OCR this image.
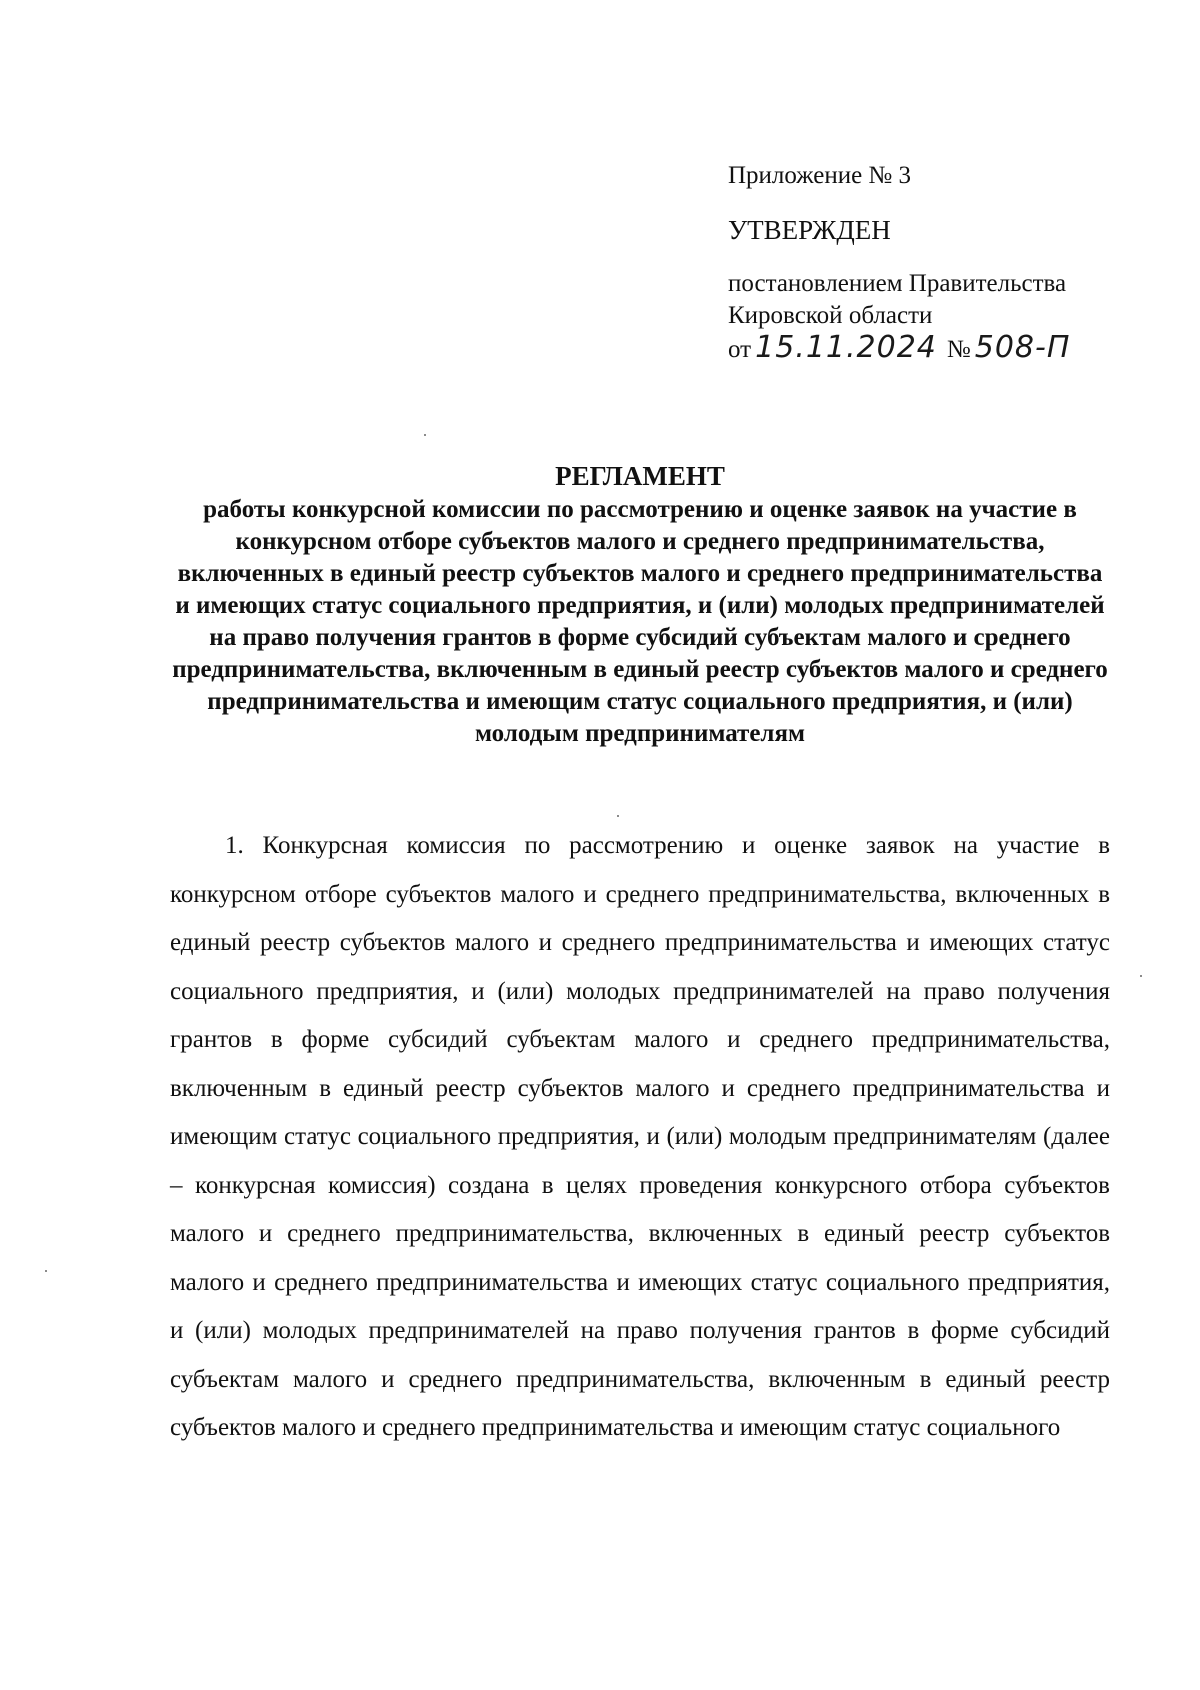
Приложение № 3

УТВЕРЖДЕН

постановлением Правительства

Кировской области

от 15.11.2024 № 508-П

РЕГЛАМЕНТ

работы конкурсной комиссии по рассмотрению и оценке заявок на участие в конкурсном отборе субъектов малого и среднего предпринимательства, включенных в единый реестр субъектов малого и среднего предпринимательства и имеющих статус социального предприятия, и (или) молодых предпринимателей на право получения грантов в форме субсидий субъектам малого и среднего предпринимательства, включенным в единый реестр субъектов малого и среднего предпринимательства и имеющим статус социального предприятия, и (или) молодым предпринимателям

1. Конкурсная комиссия по рассмотрению и оценке заявок на участие в конкурсном отборе субъектов малого и среднего предпринимательства, включенных в единый реестр субъектов малого и среднего предпринимательства и имеющих статус социального предприятия, и (или) молодых предпринимателей на право получения грантов в форме субсидий субъектам малого и среднего предпринимательства, включенным в единый реестр субъектов малого и среднего предпринимательства и имеющим статус социального предприятия, и (или) молодым предпринимателям (далее – конкурсная комиссия) создана в целях проведения конкурсного отбора субъектов малого и среднего предпринимательства, включенных в единый реестр субъектов малого и среднего предпринимательства и имеющих статус социального предприятия, и (или) молодых предпринимателей на право получения грантов в форме субсидий субъектам малого и среднего предпринимательства, включенным в единый реестр субъектов малого и среднего предпринимательства и имеющим статус социального
